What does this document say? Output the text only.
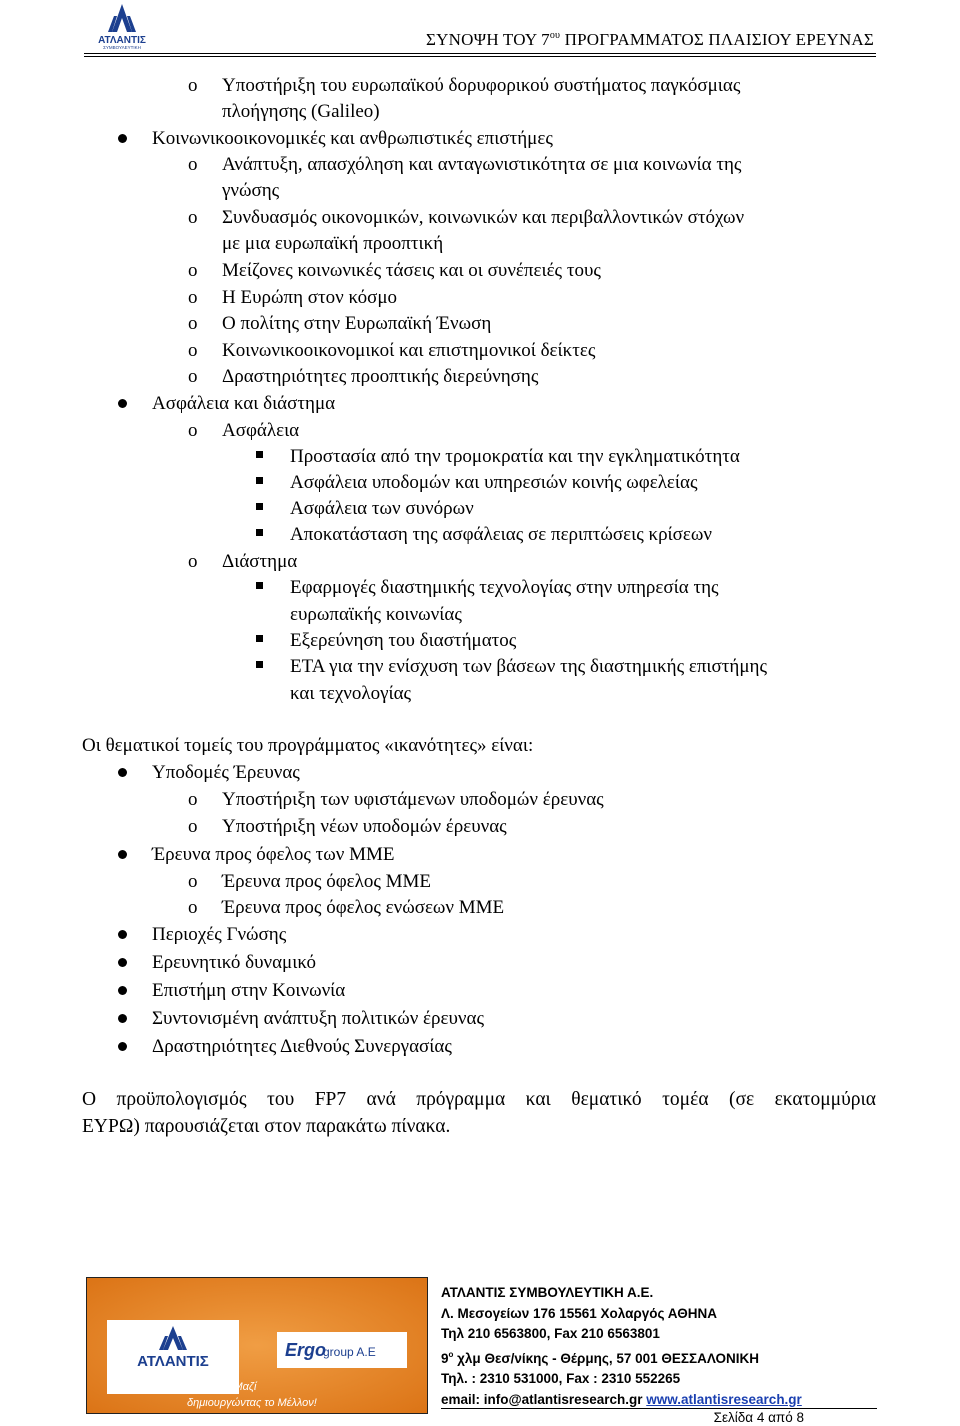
ΑΤΛΑΝΤΙΣ
ΣΥΜΒΟΥΛΕΥΤΙΚΗ	ΣΥΝΟΨΗ ΤΟΥ $7^{o\upsilon}$ ΠΡΟΓΡΑΜΜΑΤΟΣ ΠΛΑΙΣΙΟΥ ΕΡΕΥΝΑΣ
o Υποστήριξη του ευρωπαϊκού δορυφορικού συστήματος παγκόσμιας
πλοήγησης (Galileo)
Κοινωνικοοικονομικές και ανθρωπιστικές επιστήμες
o Ανάπτυξη, απασχόληση και ανταγωνιστικότητα σε μια κοινωνία της
γνώσης
o Συνδυασμός οικονομικών, κοινωνικών και περιβαλλοντικών στόχων
με μια ευρωπαϊκή προοπτική
o Μείζονες κοινωνικές τάσεις και οι συνέπειές τους
o Η Ευρώπη στον κόσμο
o Ο πολίτης στην Ευρωπαϊκή Ένωση
o Κοινωνικοοικονομικοί και επιστημονικοί δείκτες
o Δραστηριότητες προοπτικής διερεύνησης
Ασφάλεια και διάστημα
o Ασφάλεια
Προστασία από την τρομοκρατία και την εγκληματικότητα
Ασφάλεια υποδομών και υπηρεσιών κοινής ωφελείας
Ασφάλεια των συνόρων
Αποκατάσταση της ασφάλειας σε περιπτώσεις κρίσεων
o Διάστημα
Εφαρμογές διαστημικής τεχνολογίας στην υπηρεσία της
ευρωπαϊκής κοινωνίας
Εξερεύνηση του διαστήματος
ΕΤΑ για την ενίσχυση των βάσεων της διαστημικής επιστήμης
και τεχνολογίας
Οι θεματικοί τομείς του προγράμματος «ικανότητες» είναι:
Υποδομές Έρευνας
o Υποστήριξη των υφιστάμενων υποδομών έρευνας
o Υποστήριξη νέων υποδομών έρευνας
Έρευνα προς όφελος των ΜΜΕ
o Έρευνα προς όφελος ΜΜΕ
o Έρευνα προς όφελος ενώσεων ΜΜΕ
Περιοχές Γνώσης
Ερευνητικό δυναμικό
Επιστήμη στην Κοινωνία
Συντονισμένη ανάπτυξη πολιτικών έρευνας
Δραστηριότητες Διεθνούς Συνεργασίας
Ο προϋπολογισμός του FP7 ανά πρόγραμμα και θεματικό τομέα (σε εκατομμύρια
ΕΥΡΩ) παρουσιάζεται στον παρακάτω πίνακα.
ΑΤΛΑΝΤΙΣ
Ergo
group A.E
Μαζί
δημιουργώντας το Μέλλον!
ΑΤΛΑΝΤΙΣ ΣΥΜΒΟΥΛΕΥΤΙΚΗ Α.Ε.
Λ. Μεσογείων 176 15561 Χολαργός ΑΘΗΝΑ
Τηλ 210 6563800, Fax 210 6563801
$9^o$ χλμ Θεσ/νίκης - Θέρμης, 57 001 ΘΕΣΣΑΛΟΝΙΚΗ
Τηλ. : 2310 531000, Fax : 2310 552265
email: info@atlantisresearch.gr www.atlantisresearch.gr
Σελίδα 4 από 8
